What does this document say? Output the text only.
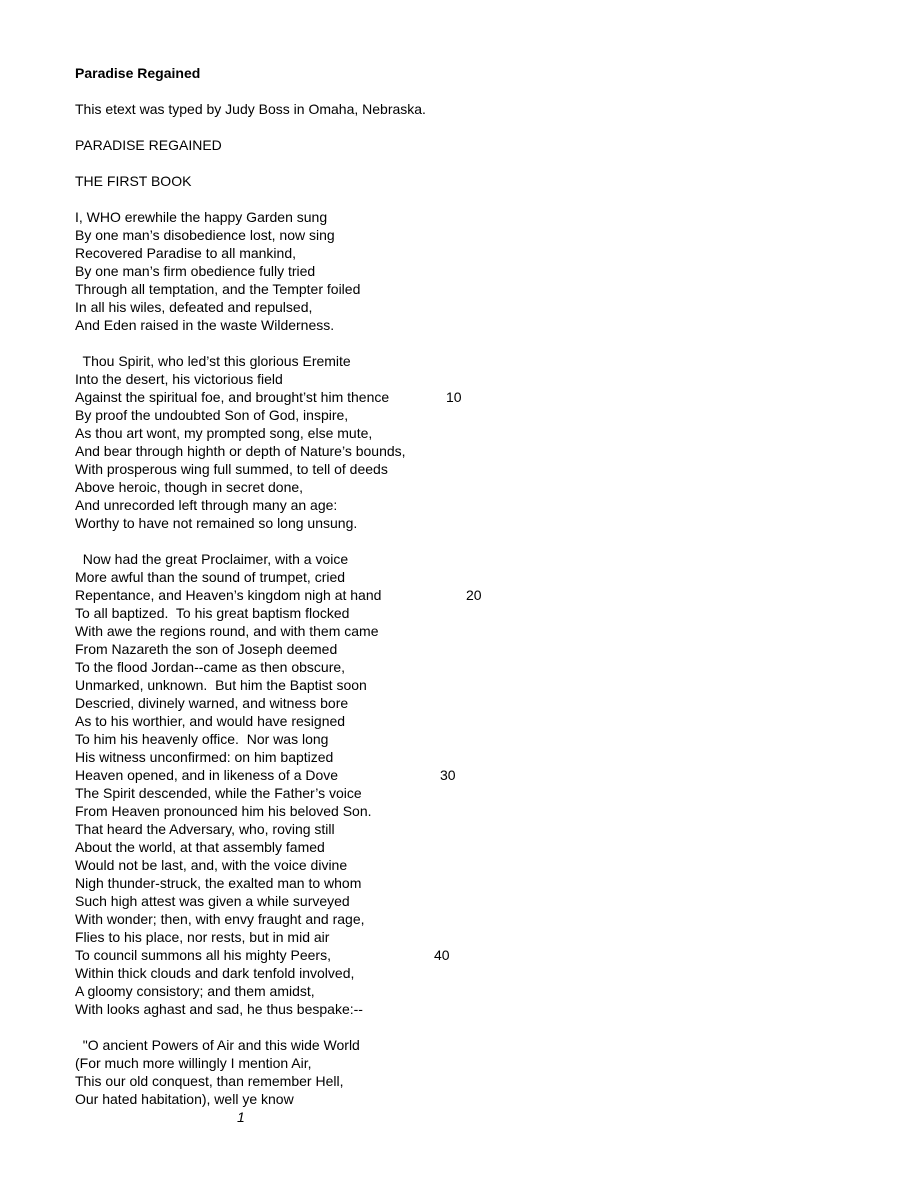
Paradise Regained
This etext was typed by Judy Boss in Omaha, Nebraska.
PARADISE REGAINED
THE FIRST BOOK
I, WHO erewhile the happy Garden sung
By one man’s disobedience lost, now sing
Recovered Paradise to all mankind,
By one man’s firm obedience fully tried
Through all temptation, and the Tempter foiled
In all his wiles, defeated and repulsed,
And Eden raised in the waste Wilderness.
Thou Spirit, who led’st this glorious Eremite
Into the desert, his victorious field
Against the spiritual foe, and brought’st him thence	10
By proof the undoubted Son of God, inspire,
As thou art wont, my prompted song, else mute,
And bear through highth or depth of Nature’s bounds,
With prosperous wing full summed, to tell of deeds
Above heroic, though in secret done,
And unrecorded left through many an age:
Worthy to have not remained so long unsung.
Now had the great Proclaimer, with a voice
More awful than the sound of trumpet, cried
Repentance, and Heaven’s kingdom nigh at hand	20
To all baptized.  To his great baptism flocked
With awe the regions round, and with them came
From Nazareth the son of Joseph deemed
To the flood Jordan--came as then obscure,
Unmarked, unknown.  But him the Baptist soon
Descried, divinely warned, and witness bore
As to his worthier, and would have resigned
To him his heavenly office.  Nor was long
His witness unconfirmed: on him baptized
Heaven opened, and in likeness of a Dove	30
The Spirit descended, while the Father’s voice
From Heaven pronounced him his beloved Son.
That heard the Adversary, who, roving still
About the world, at that assembly famed
Would not be last, and, with the voice divine
Nigh thunder-struck, the exalted man to whom
Such high attest was given a while surveyed
With wonder; then, with envy fraught and rage,
Flies to his place, nor rests, but in mid air
To council summons all his mighty Peers,	40
Within thick clouds and dark tenfold involved,
A gloomy consistory; and them amidst,
With looks aghast and sad, he thus bespake:--
"O ancient Powers of Air and this wide World
(For much more willingly I mention Air,
This our old conquest, than remember Hell,
Our hated habitation), well ye know
1
